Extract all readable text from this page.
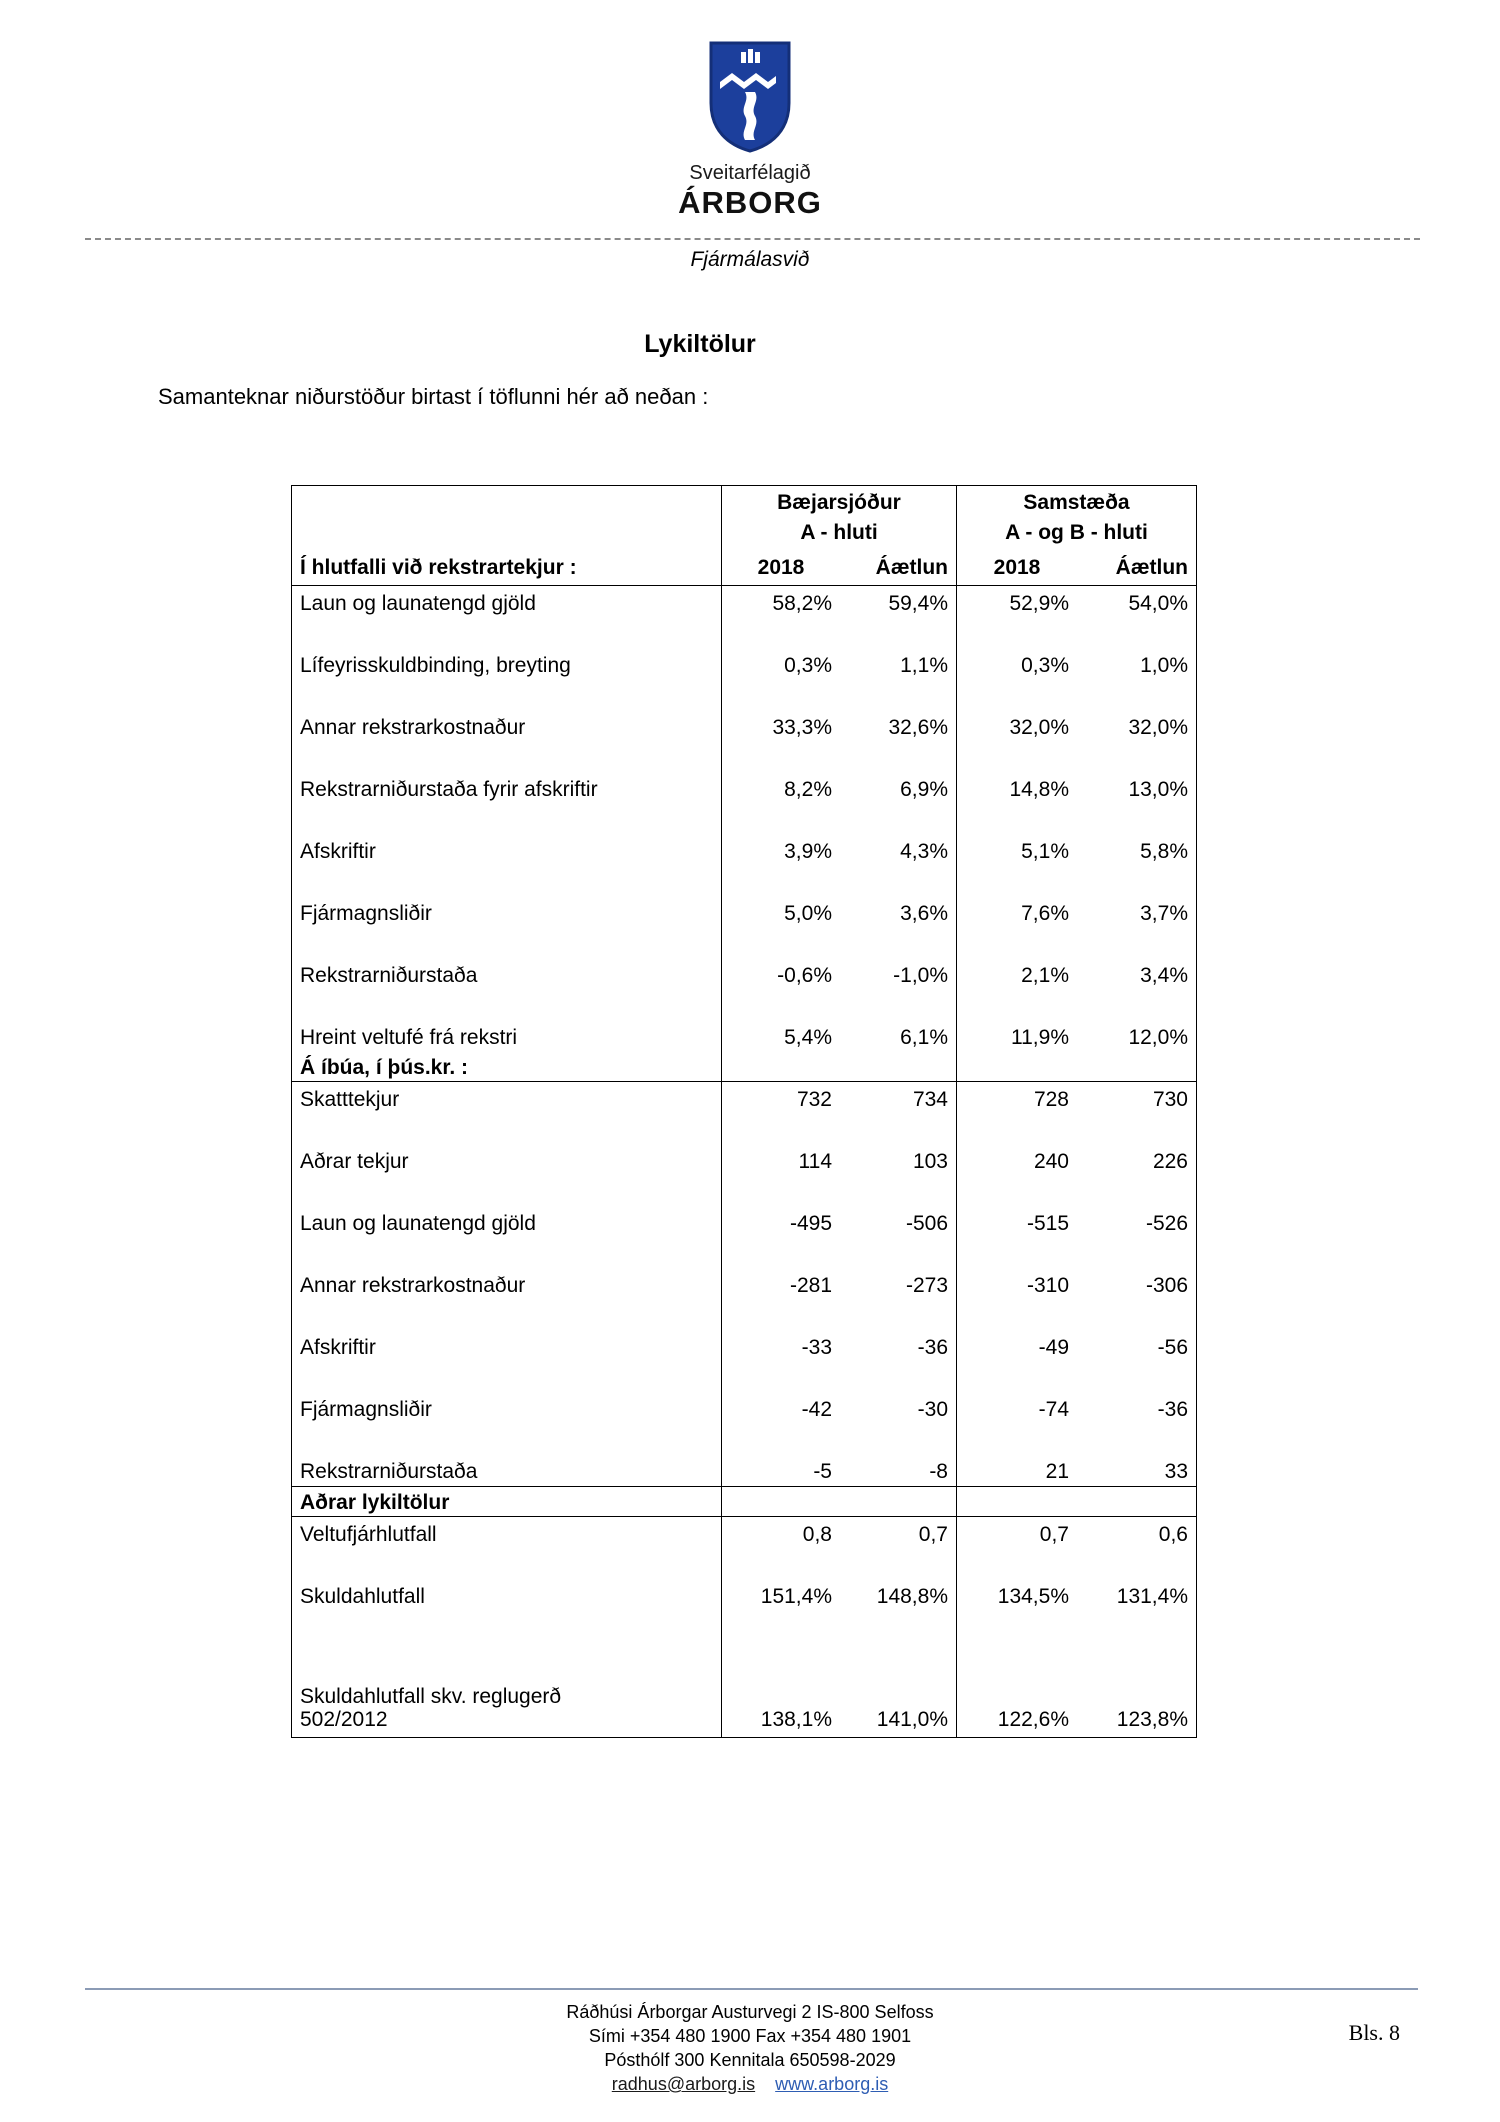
Sveitarfélagið
ÁRBORG
Fjármálasvið
Lykiltölur
Samanteknar niðurstöður birtast í töflunni hér að neðan :
Bæjarsjóður	Samstæða
A - hluti	A - og B - hluti
Í hlutfalli við rekstrartekjur :	2018	Áætlun	2018	Áætlun
Laun og launatengd gjöld	58,2%	59,4%	52,9%	54,0%
Lífeyrisskuldbinding, breyting	0,3%	1,1%	0,3%	1,0%
Annar rekstrarkostnaður	33,3%	32,6%	32,0%	32,0%
Rekstrarniðurstaða fyrir afskriftir	8,2%	6,9%	14,8%	13,0%
Afskriftir	3,9%	4,3%	5,1%	5,8%
Fjármagnsliðir	5,0%	3,6%	7,6%	3,7%
Rekstrarniðurstaða	-0,6%	-1,0%	2,1%	3,4%
Hreint veltufé frá rekstri	5,4%	6,1%	11,9%	12,0%
Á íbúa, í þús.kr. :
Skatttekjur	732	734	728	730
Aðrar tekjur	114	103	240	226
Laun og launatengd gjöld	-495	-506	-515	-526
Annar rekstrarkostnaður	-281	-273	-310	-306
Afskriftir	-33	-36	-49	-56
Fjármagnsliðir	-42	-30	-74	-36
Rekstrarniðurstaða	-5	-8	21	33
Aðrar lykiltölur
Veltufjárhlutfall	0,8	0,7	0,7	0,6
Skuldahlutfall	151,4%	148,8%	134,5%	131,4%
Skuldahlutfall skv. reglugerð
502/2012	138,1%	141,0%	122,6%	123,8%
Ráðhúsi Árborgar Austurvegi 2 IS-800 Selfoss
Sími +354 480 1900 Fax +354 480 1901
Pósthólf 300 Kennitala 650598-2029
radhus@arborg.is www.arborg.is
Bls. 8
